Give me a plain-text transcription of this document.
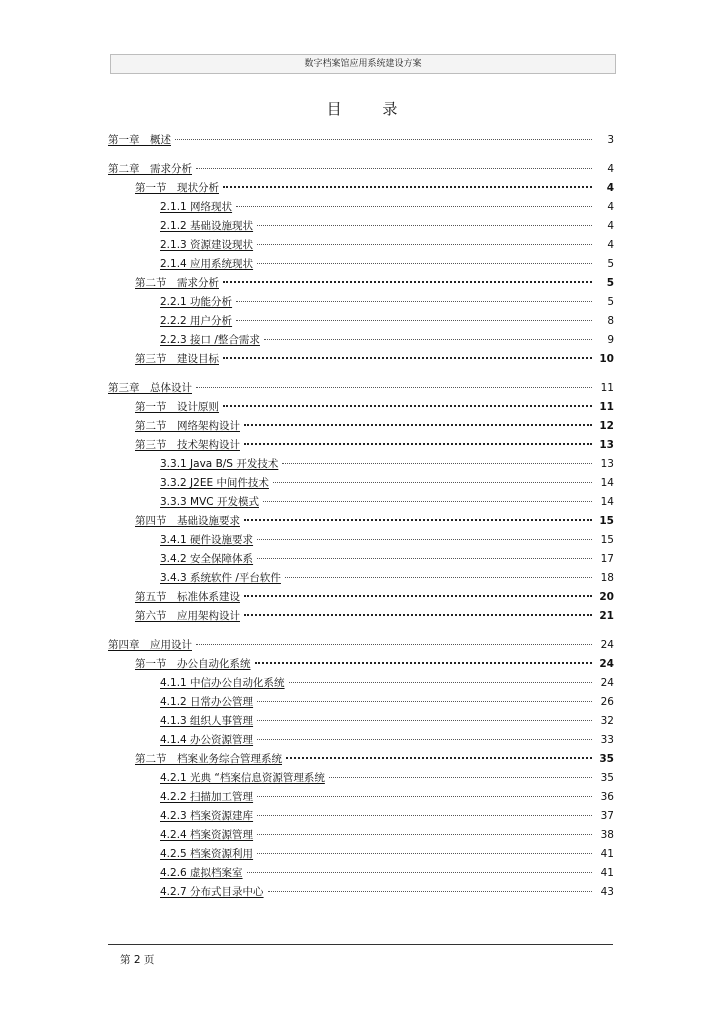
数字档案馆应用系统建设方案
目 录
第一章　概述	3
第二章　需求分析	4
第一节　现状分析	4
2.1.1 网络现状	4
2.1.2 基础设施现状	4
2.1.3 资源建设现状	4
2.1.4 应用系统现状	5
第二节　需求分析	5
2.2.1 功能分析	5
2.2.2 用户分析	8
2.2.3 接口 /整合需求	9
第三节　建设目标	10
第三章　总体设计	11
第一节　设计原则	11
第二节　网络架构设计	12
第三节　技术架构设计	13
3.3.1 Java B/S 开发技术	13
3.3.2 J2EE 中间件技术	14
3.3.3 MVC 开发模式	14
第四节　基础设施要求	15
3.4.1 硬件设施要求	15
3.4.2 安全保障体系	17
3.4.3 系统软件 /平台软件	18
第五节　标准体系建设	20
第六节　应用架构设计	21
第四章　应用设计	24
第一节　办公自动化系统	24
4.1.1 中信办公自动化系统	24
4.1.2 日常办公管理	26
4.1.3 组织人事管理	32
4.1.4 办公资源管理	33
第二节　档案业务综合管理系统	35
4.2.1 光典 “档案信息资源管理系统	35
4.2.2 扫描加工管理	36
4.2.3 档案资源建库	37
4.2.4 档案资源管理	38
4.2.5 档案资源利用	41
4.2.6 虚拟档案室	41
4.2.7 分布式目录中心	43
第 2 页
